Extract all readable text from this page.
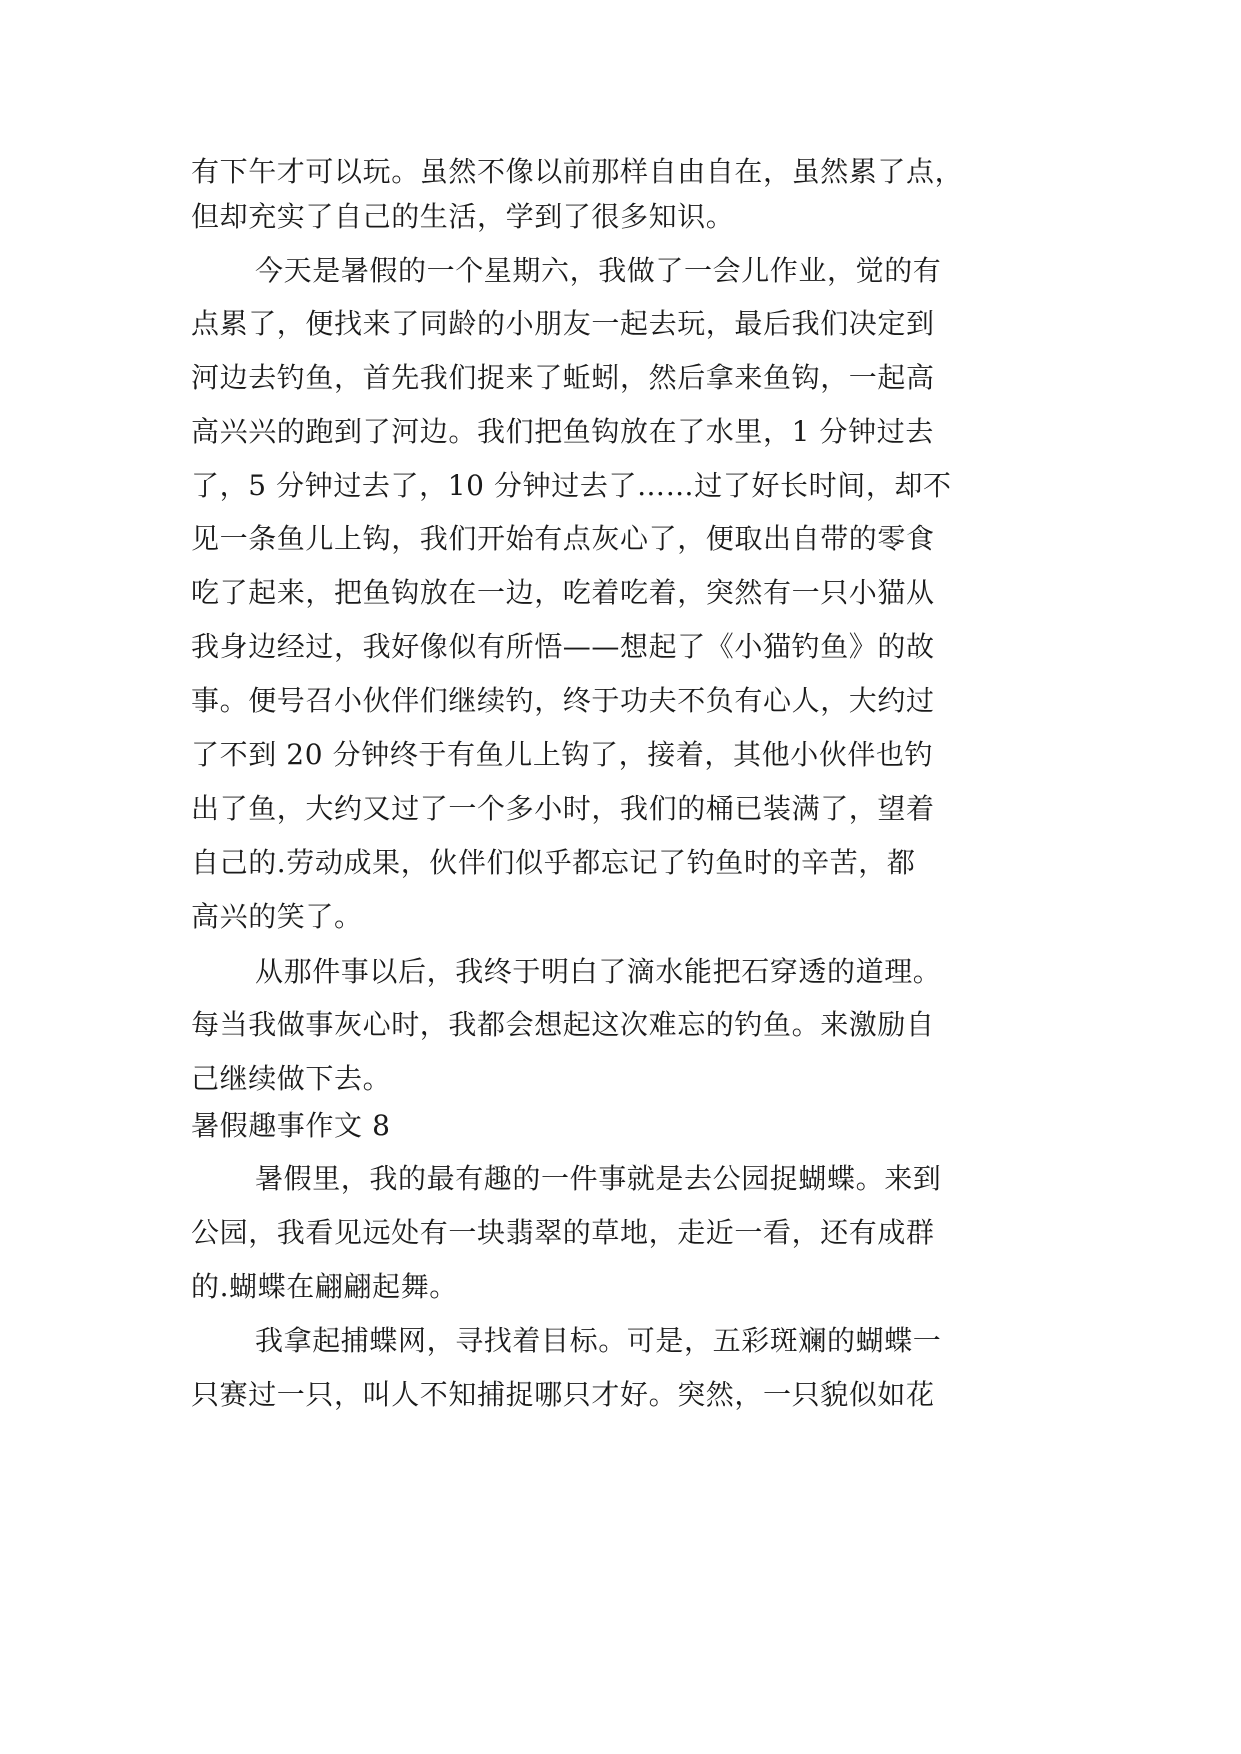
有下午才可以玩。虽然不像以前那样自由自在，虽然累了点，
但却充实了自己的生活，学到了很多知识。
今天是暑假的一个星期六，我做了一会儿作业，觉的有
点累了，便找来了同龄的小朋友一起去玩，最后我们决定到
河边去钓鱼，首先我们捉来了蚯蚓，然后拿来鱼钩，一起高
高兴兴的跑到了河边。我们把鱼钩放在了水里，1 分钟过去
了，5 分钟过去了，10 分钟过去了……过了好长时间，却不
见一条鱼儿上钩，我们开始有点灰心了，便取出自带的零食
吃了起来，把鱼钩放在一边，吃着吃着，突然有一只小猫从
我身边经过，我好像似有所悟——想起了《小猫钓鱼》的故
事。便号召小伙伴们继续钓，终于功夫不负有心人，大约过
了不到 20 分钟终于有鱼儿上钩了，接着，其他小伙伴也钓
出了鱼，大约又过了一个多小时，我们的桶已装满了，望着
自己的.劳动成果，伙伴们似乎都忘记了钓鱼时的辛苦，都
高兴的笑了。
从那件事以后，我终于明白了滴水能把石穿透的道理。
每当我做事灰心时，我都会想起这次难忘的钓鱼。来激励自
己继续做下去。
暑假趣事作文 8
暑假里，我的最有趣的一件事就是去公园捉蝴蝶。来到
公园，我看见远处有一块翡翠的草地，走近一看，还有成群
的.蝴蝶在翩翩起舞。
我拿起捕蝶网，寻找着目标。可是，五彩斑斓的蝴蝶一
只赛过一只，叫人不知捕捉哪只才好。突然，一只貌似如花
